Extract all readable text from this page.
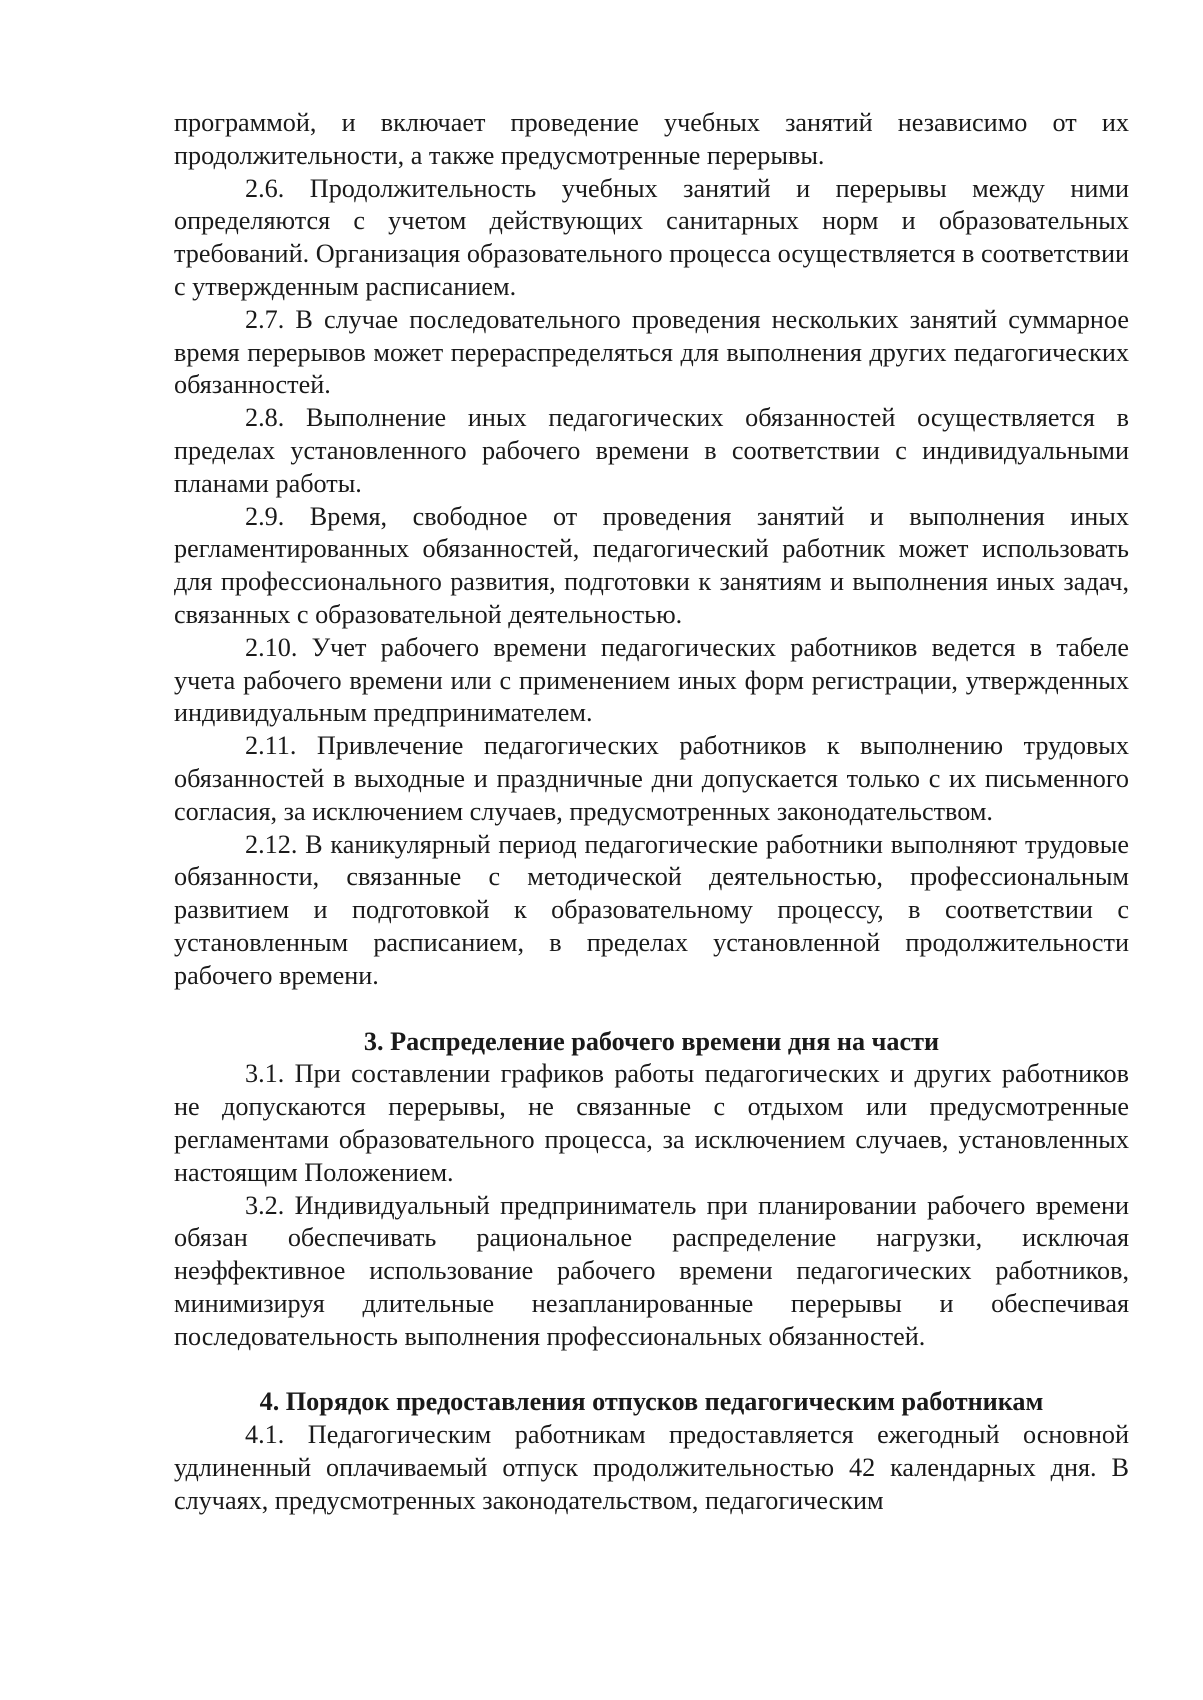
программой, и включает проведение учебных занятий независимо от их продолжительности, а также предусмотренные перерывы.

2.6. Продолжительность учебных занятий и перерывы между ними определяются с учетом действующих санитарных норм и образовательных требований. Организация образовательного процесса осуществляется в соответствии с утвержденным расписанием.

2.7. В случае последовательного проведения нескольких занятий суммарное время перерывов может перераспределяться для выполнения других педагогических обязанностей.

2.8. Выполнение иных педагогических обязанностей осуществляется в пределах установленного рабочего времени в соответствии с индивидуальными планами работы.

2.9. Время, свободное от проведения занятий и выполнения иных регламентированных обязанностей, педагогический работник может использовать для профессионального развития, подготовки к занятиям и выполнения иных задач, связанных с образовательной деятельностью.

2.10. Учет рабочего времени педагогических работников ведется в табеле учета рабочего времени или с применением иных форм регистрации, утвержденных индивидуальным предпринимателем.

2.11. Привлечение педагогических работников к выполнению трудовых обязанностей в выходные и праздничные дни допускается только с их письменного согласия, за исключением случаев, предусмотренных законодательством.

2.12. В каникулярный период педагогические работники выполняют трудовые обязанности, связанные с методической деятельностью, профессиональным развитием и подготовкой к образовательному процессу, в соответствии с установленным расписанием, в пределах установленной продолжительности рабочего времени.

3. Распределение рабочего времени дня на части

3.1. При составлении графиков работы педагогических и других работников не допускаются перерывы, не связанные с отдыхом или предусмотренные регламентами образовательного процесса, за исключением случаев, установленных настоящим Положением.

3.2. Индивидуальный предприниматель при планировании рабочего времени обязан обеспечивать рациональное распределение нагрузки, исключая неэффективное использование рабочего времени педагогических работников, минимизируя длительные незапланированные перерывы и обеспечивая последовательность выполнения профессиональных обязанностей.

4. Порядок предоставления отпусков педагогическим работникам

4.1. Педагогическим работникам предоставляется ежегодный основной удлиненный оплачиваемый отпуск продолжительностью 42 календарных дня. В случаях, предусмотренных законодательством, педагогическим
